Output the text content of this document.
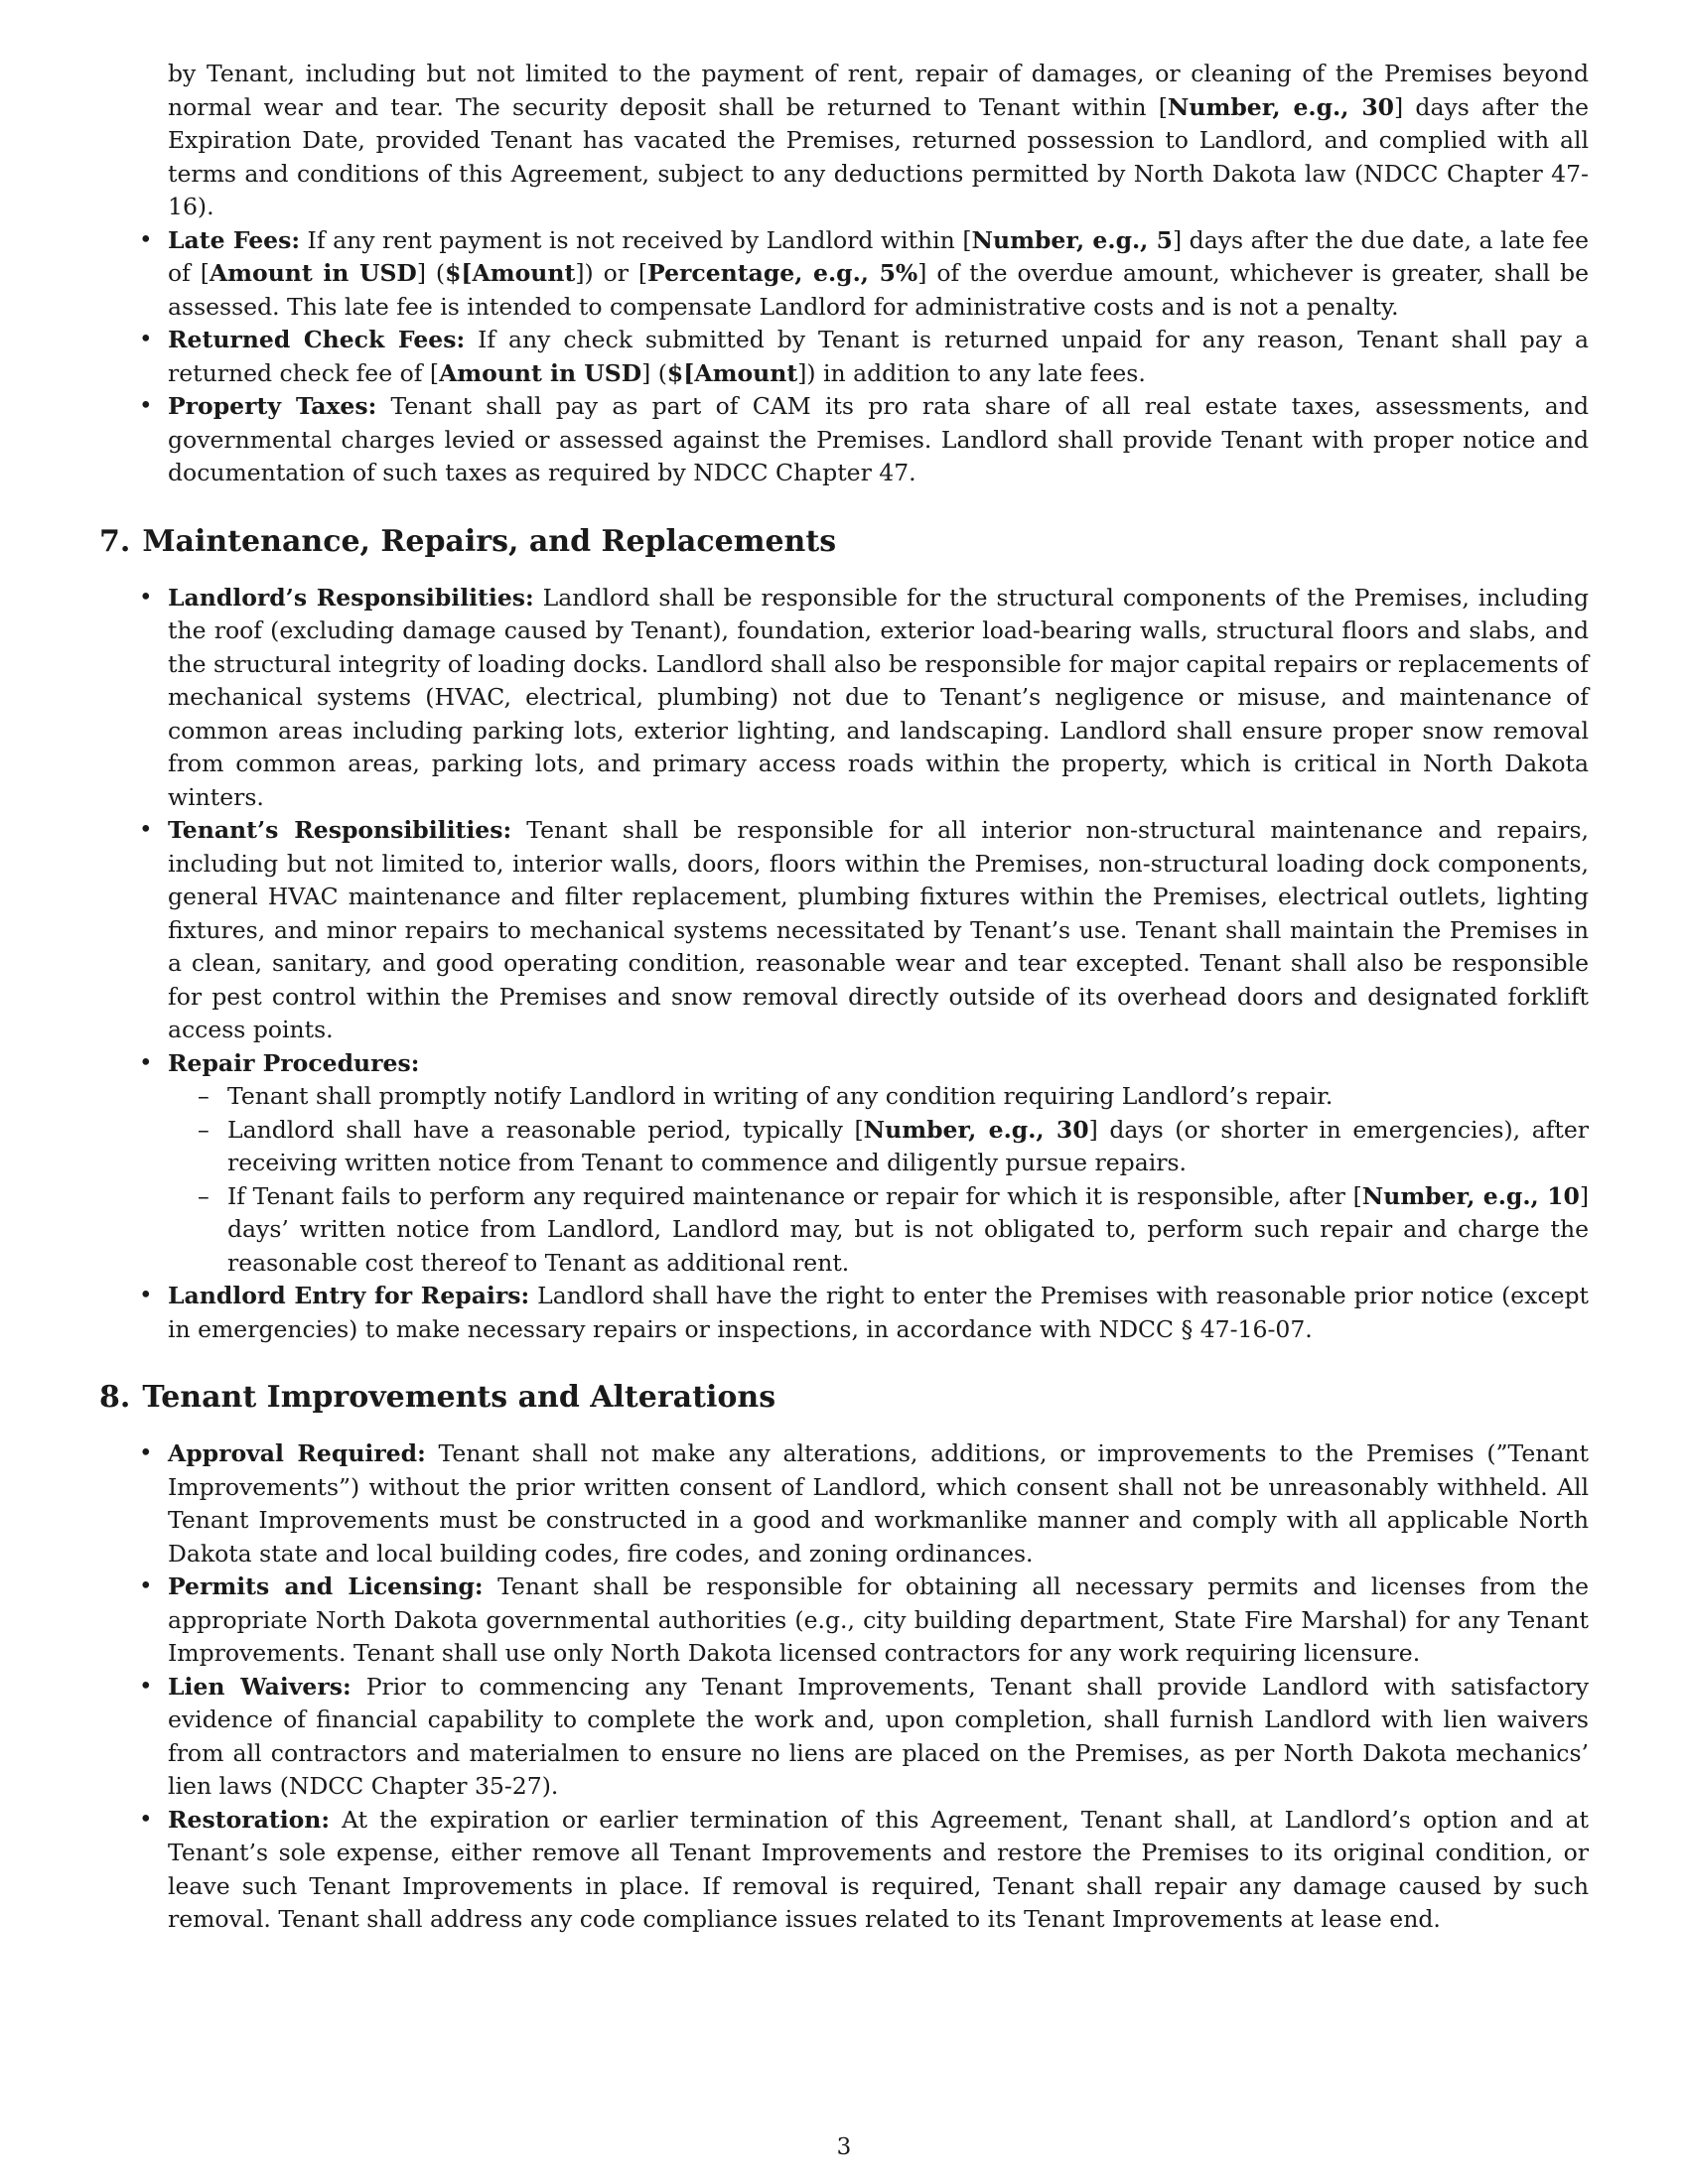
by Tenant, including but not limited to the payment of rent, repair of damages, or cleaning of the Premises beyond normal wear and tear. The security deposit shall be returned to Tenant within [Number, e.g., 30] days after the Expiration Date, provided Tenant has vacated the Premises, returned possession to Landlord, and complied with all terms and conditions of this Agreement, subject to any deductions permitted by North Dakota law (NDCC Chapter 47-16).
• Late Fees: If any rent payment is not received by Landlord within [Number, e.g., 5] days after the due date, a late fee of [Amount in USD] ($[Amount]) or [Percentage, e.g., 5%] of the overdue amount, whichever is greater, shall be assessed. This late fee is intended to compensate Landlord for administrative costs and is not a penalty.
• Returned Check Fees: If any check submitted by Tenant is returned unpaid for any reason, Tenant shall pay a returned check fee of [Amount in USD] ($[Amount]) in addition to any late fees.
• Property Taxes: Tenant shall pay as part of CAM its pro rata share of all real estate taxes, assessments, and governmental charges levied or assessed against the Premises. Landlord shall provide Tenant with proper notice and documentation of such taxes as required by NDCC Chapter 47.
7. Maintenance, Repairs, and Replacements
• Landlord’s Responsibilities: Landlord shall be responsible for the structural components of the Premises, including the roof (excluding damage caused by Tenant), foundation, exterior load-bearing walls, structural floors and slabs, and the structural integrity of loading docks. Landlord shall also be responsible for major capital repairs or replacements of mechanical systems (HVAC, electrical, plumbing) not due to Tenant’s negligence or misuse, and maintenance of common areas including parking lots, exterior lighting, and landscaping. Landlord shall ensure proper snow removal from common areas, parking lots, and primary access roads within the property, which is critical in North Dakota winters.
• Tenant’s Responsibilities: Tenant shall be responsible for all interior non-structural maintenance and repairs, including but not limited to, interior walls, doors, floors within the Premises, non-structural loading dock components, general HVAC maintenance and filter replacement, plumbing fixtures within the Premises, electrical outlets, lighting fixtures, and minor repairs to mechanical systems necessitated by Tenant’s use. Tenant shall maintain the Premises in a clean, sanitary, and good operating condition, reasonable wear and tear excepted. Tenant shall also be responsible for pest control within the Premises and snow removal directly outside of its overhead doors and designated forklift access points.
• Repair Procedures:
– Tenant shall promptly notify Landlord in writing of any condition requiring Landlord’s repair.
– Landlord shall have a reasonable period, typically [Number, e.g., 30] days (or shorter in emergencies), after receiving written notice from Tenant to commence and diligently pursue repairs.
– If Tenant fails to perform any required maintenance or repair for which it is responsible, after [Number, e.g., 10] days’ written notice from Landlord, Landlord may, but is not obligated to, perform such repair and charge the reasonable cost thereof to Tenant as additional rent.
• Landlord Entry for Repairs: Landlord shall have the right to enter the Premises with reasonable prior notice (except in emergencies) to make necessary repairs or inspections, in accordance with NDCC § 47-16-07.
8. Tenant Improvements and Alterations
• Approval Required: Tenant shall not make any alterations, additions, or improvements to the Premises (”Tenant Improvements”) without the prior written consent of Landlord, which consent shall not be unreasonably withheld. All Tenant Improvements must be constructed in a good and workmanlike manner and comply with all applicable North Dakota state and local building codes, fire codes, and zoning ordinances.
• Permits and Licensing: Tenant shall be responsible for obtaining all necessary permits and licenses from the appropriate North Dakota governmental authorities (e.g., city building department, State Fire Marshal) for any Tenant Improvements. Tenant shall use only North Dakota licensed contractors for any work requiring licensure.
• Lien Waivers: Prior to commencing any Tenant Improvements, Tenant shall provide Landlord with satisfactory evidence of financial capability to complete the work and, upon completion, shall furnish Landlord with lien waivers from all contractors and materialmen to ensure no liens are placed on the Premises, as per North Dakota mechanics’ lien laws (NDCC Chapter 35-27).
• Restoration: At the expiration or earlier termination of this Agreement, Tenant shall, at Landlord’s option and at Tenant’s sole expense, either remove all Tenant Improvements and restore the Premises to its original condition, or leave such Tenant Improvements in place. If removal is required, Tenant shall repair any damage caused by such removal. Tenant shall address any code compliance issues related to its Tenant Improvements at lease end.
3
